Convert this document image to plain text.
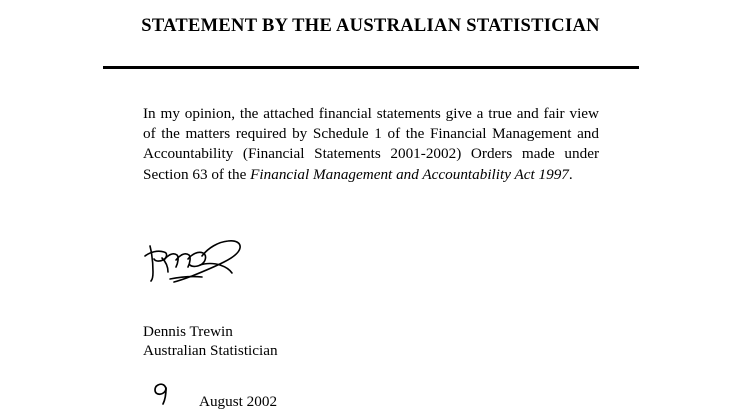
STATEMENT BY THE AUSTRALIAN STATISTICIAN
In my opinion, the attached financial statements give a true and fair view of the matters required by Schedule 1 of the Financial Management and Accountability (Financial Statements 2001-2002) Orders made under Section 63 of the Financial Management and Accountability Act 1997.
Dennis Trewin
Australian Statistician
August 2002
